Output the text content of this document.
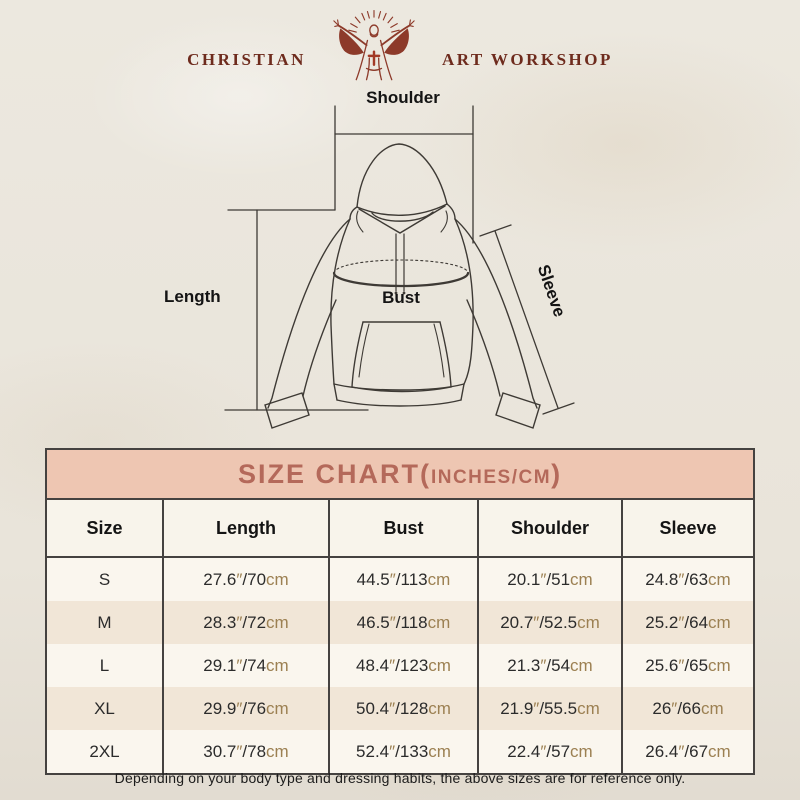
CHRISTIAN	ART WORKSHOP
Shoulder
Length	Bust	Sleeve
SIZE CHART( INCHES/CM )
Size	Length	Bust	Shoulder	Sleeve
S	27.6″/70cm	44.5″/113cm	20.1″/51cm	24.8″/63cm
M	28.3″/72cm	46.5″/118cm	20.7″/52.5cm	25.2″/64cm
L	29.1″/74cm	48.4″/123cm	21.3″/54cm	25.6″/65cm
XL	29.9″/76cm	50.4″/128cm	21.9″/55.5cm	26″/66cm
2XL	30.7″/78cm	52.4″/133cm	22.4″/57cm	26.4″/67cm
Depending on your body type and dressing habits, the above sizes are for reference only.
